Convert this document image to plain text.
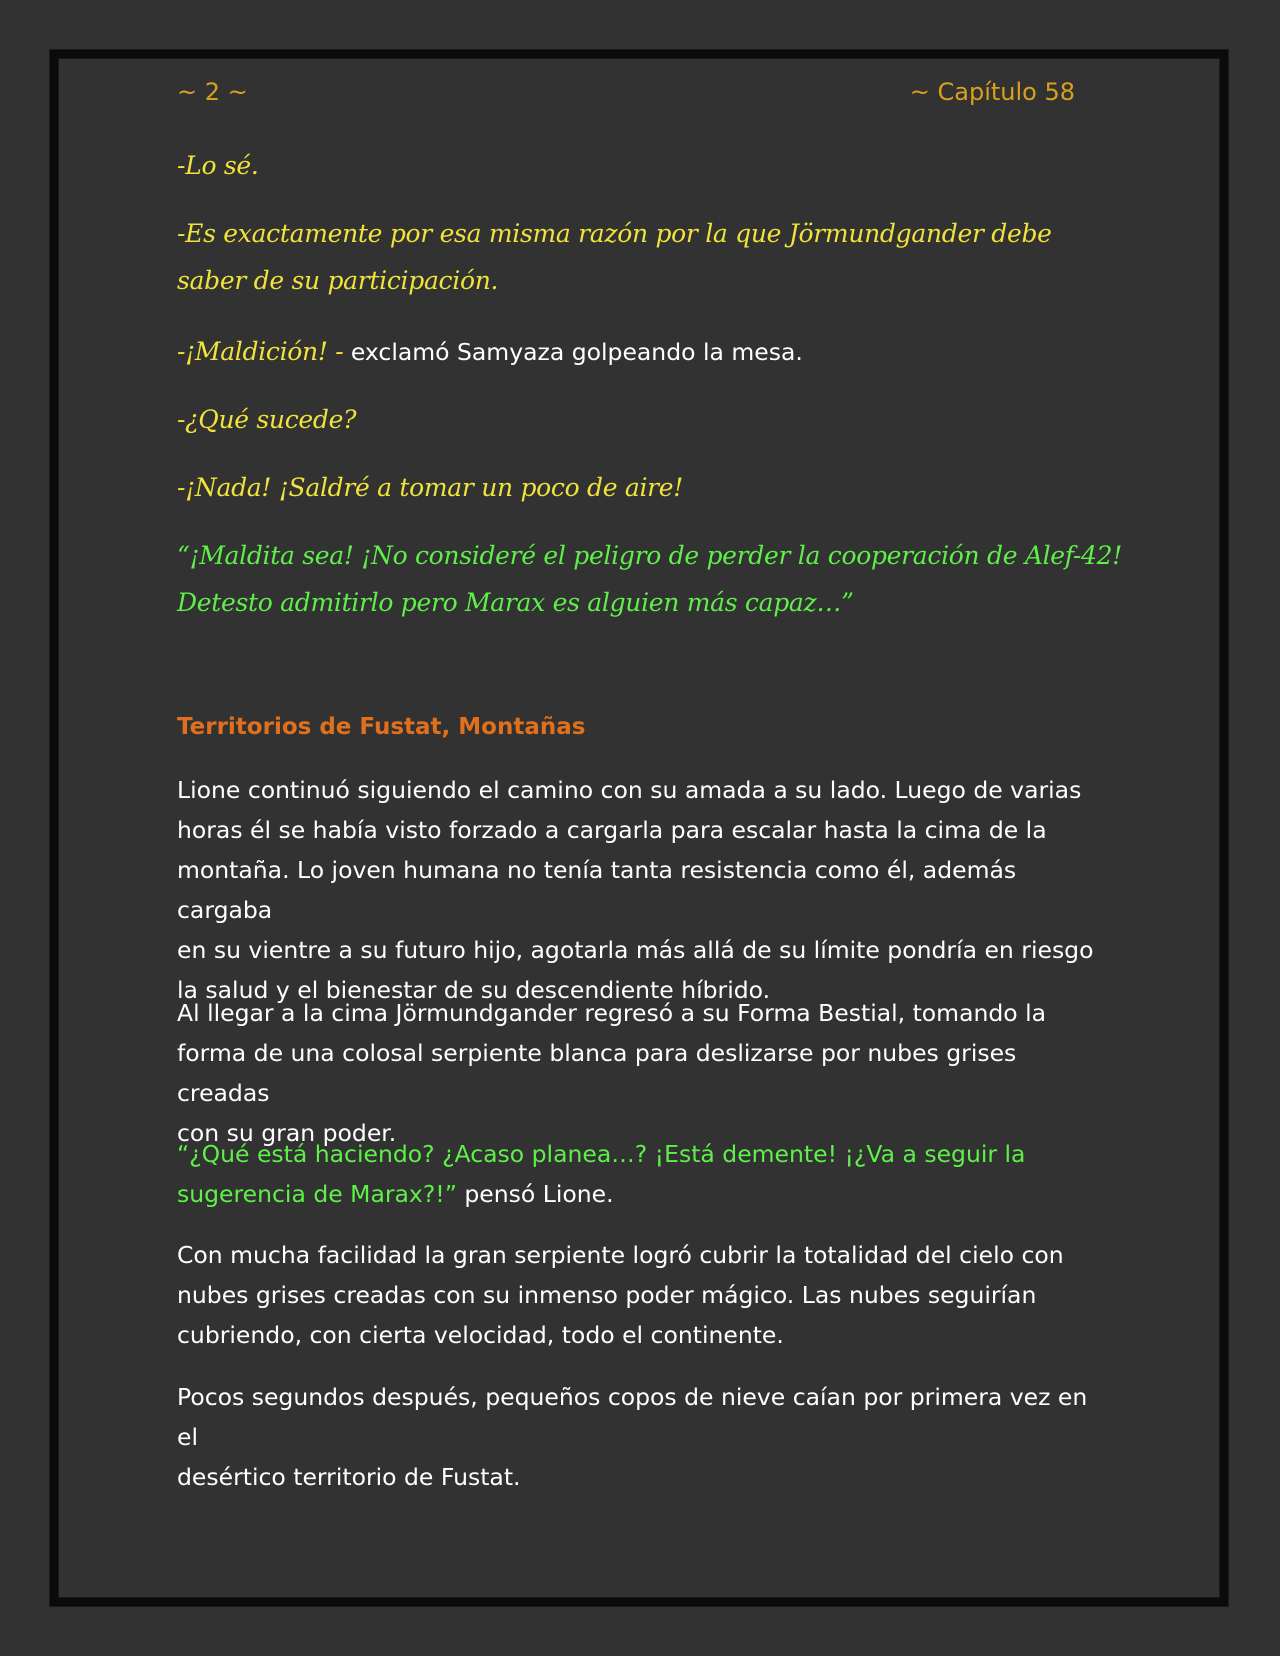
~ 2 ~	~ Capítulo 58
-Lo sé.
-Es exactamente por esa misma razón por la que Jörmundgander debe saber de su participación.
-¡Maldición! - exclamó Samyaza golpeando la mesa.
-¿Qué sucede?
-¡Nada! ¡Saldré a tomar un poco de aire!
“¡Maldita sea! ¡No consideré el peligro de perder la cooperación de Alef-42!
Detesto admitirlo pero Marax es alguien más capaz…”
Territorios de Fustat, Montañas
Lione continuó siguiendo el camino con su amada a su lado. Luego de varias
horas él se había visto forzado a cargarla para escalar hasta la cima de la
montaña. Lo joven humana no tenía tanta resistencia como él, además cargaba
en su vientre a su futuro hijo, agotarla más allá de su límite pondría en riesgo
la salud y el bienestar de su descendiente híbrido.
Al llegar a la cima Jörmundgander regresó a su Forma Bestial, tomando la
forma de una colosal serpiente blanca para deslizarse por nubes grises creadas
con su gran poder.
“¿Qué está haciendo? ¿Acaso planea…? ¡Está demente! ¡¿Va a seguir la
sugerencia de Marax?!” pensó Lione.
Con mucha facilidad la gran serpiente logró cubrir la totalidad del cielo con
nubes grises creadas con su inmenso poder mágico. Las nubes seguirían
cubriendo, con cierta velocidad, todo el continente.
Pocos segundos después, pequeños copos de nieve caían por primera vez en el
desértico territorio de Fustat.
